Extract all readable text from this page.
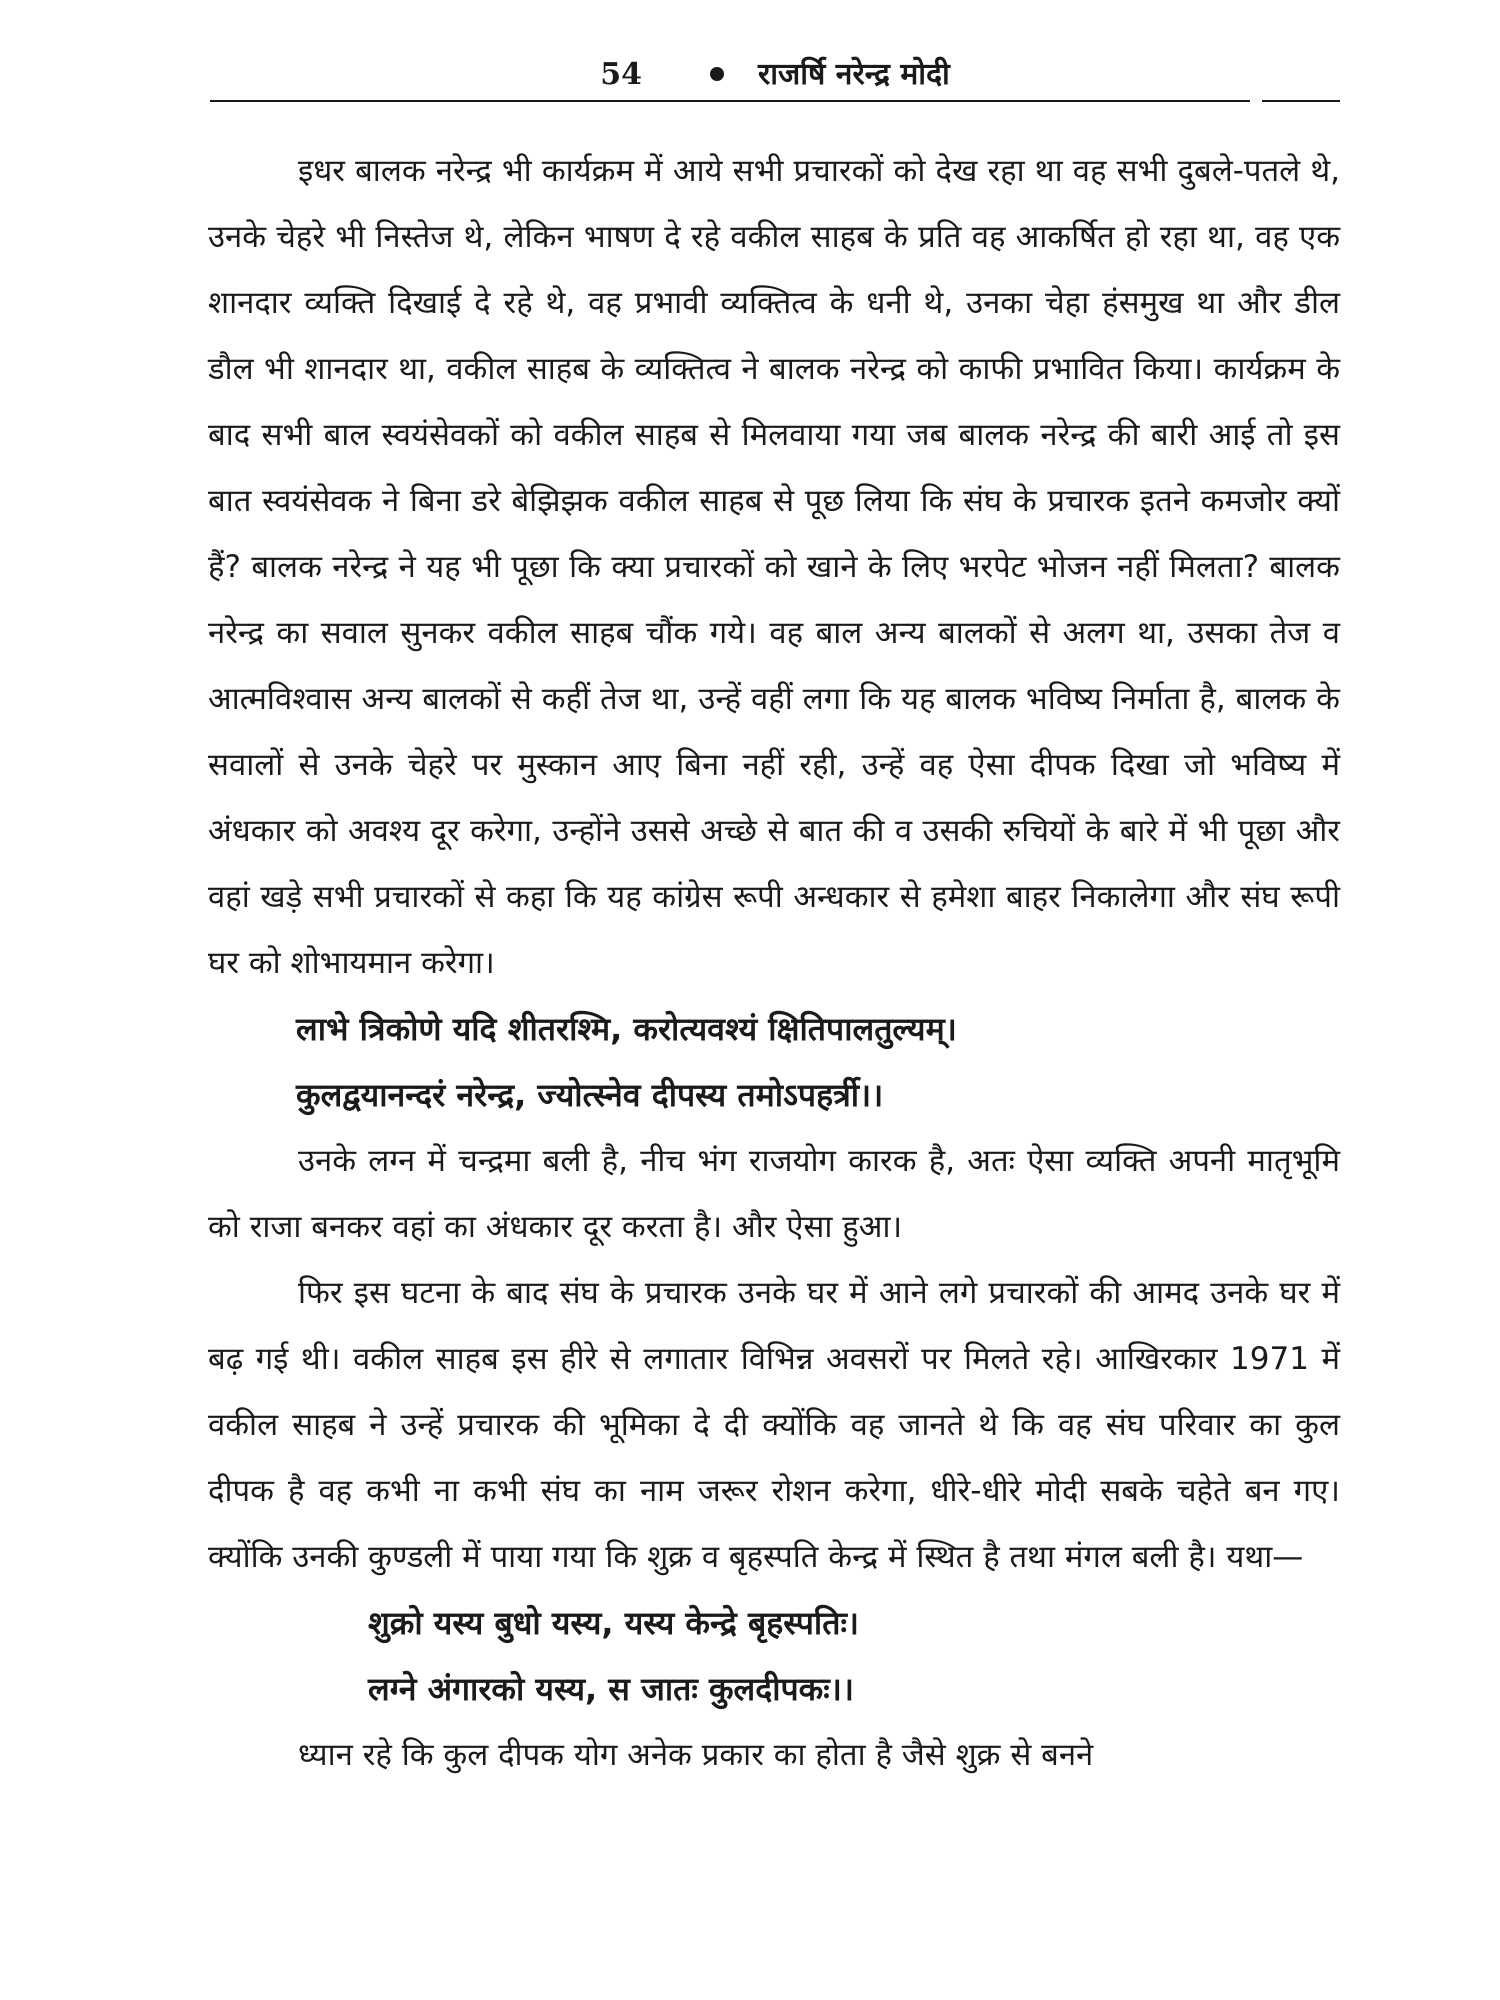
54	राजर्षि नरेन्द्र मोदी

इधर बालक नरेन्द्र भी कार्यक्रम में आये सभी प्रचारकों को देख रहा था वह सभी दुबले-पतले थे, उनके चेहरे भी निस्तेज थे, लेकिन भाषण दे रहे वकील साहब के प्रति वह आकर्षित हो रहा था, वह एक शानदार व्यक्ति दिखाई दे रहे थे, वह प्रभावी व्यक्तित्व के धनी थे, उनका चेहा हंसमुख था और डील डौल भी शानदार था, वकील साहब के व्यक्तित्व ने बालक नरेन्द्र को काफी प्रभावित किया। कार्यक्रम के बाद सभी बाल स्वयंसेवकों को वकील साहब से मिलवाया गया जब बालक नरेन्द्र की बारी आई तो इस बात स्वयंसेवक ने बिना डरे बेझिझक वकील साहब से पूछ लिया कि संघ के प्रचारक इतने कमजोर क्यों हैं? बालक नरेन्द्र ने यह भी पूछा कि क्या प्रचारकों को खाने के लिए भरपेट भोजन नहीं मिलता? बालक नरेन्द्र का सवाल सुनकर वकील साहब चौंक गये। वह बाल अन्य बालकों से अलग था, उसका तेज व आत्मविश्वास अन्य बालकों से कहीं तेज था, उन्हें वहीं लगा कि यह बालक भविष्य निर्माता है, बालक के सवालों से उनके चेहरे पर मुस्कान आए बिना नहीं रही, उन्हें वह ऐसा दीपक दिखा जो भविष्य में अंधकार को अवश्य दूर करेगा, उन्होंने उससे अच्छे से बात की व उसकी रुचियों के बारे में भी पूछा और वहां खड़े सभी प्रचारकों से कहा कि यह कांग्रेस रूपी अन्धकार से हमेशा बाहर निकालेगा और संघ रूपी घर को शोभायमान करेगा।

लाभे त्रिकोणे यदि शीतरश्मि, करोत्यवश्यं क्षितिपालतुल्यम्।

कुलद्वयानन्दरं नरेन्द्र, ज्योत्स्नेव दीपस्य तमोऽपहर्त्री।।

उनके लग्न में चन्द्रमा बली है, नीच भंग राजयोग कारक है, अतः ऐसा व्यक्ति अपनी मातृभूमि को राजा बनकर वहां का अंधकार दूर करता है। और ऐसा हुआ।

फिर इस घटना के बाद संघ के प्रचारक उनके घर में आने लगे प्रचारकों की आमद उनके घर में बढ़ गई थी। वकील साहब इस हीरे से लगातार विभिन्न अवसरों पर मिलते रहे। आखिरकार 1971 में वकील साहब ने उन्हें प्रचारक की भूमिका दे दी क्योंकि वह जानते थे कि वह संघ परिवार का कुल दीपक है वह कभी ना कभी संघ का नाम जरूर रोशन करेगा, धीरे-धीरे मोदी सबके चहेते बन गए। क्योंकि उनकी कुण्डली में पाया गया कि शुक्र व बृहस्पति केन्द्र में स्थित है तथा मंगल बली है। यथा—

शुक्रो यस्य बुधो यस्य, यस्य केन्द्रे बृहस्पतिः।

लग्ने अंगारको यस्य, स जातः कुलदीपकः।।

ध्यान रहे कि कुल दीपक योग अनेक प्रकार का होता है जैसे शुक्र से बनने
